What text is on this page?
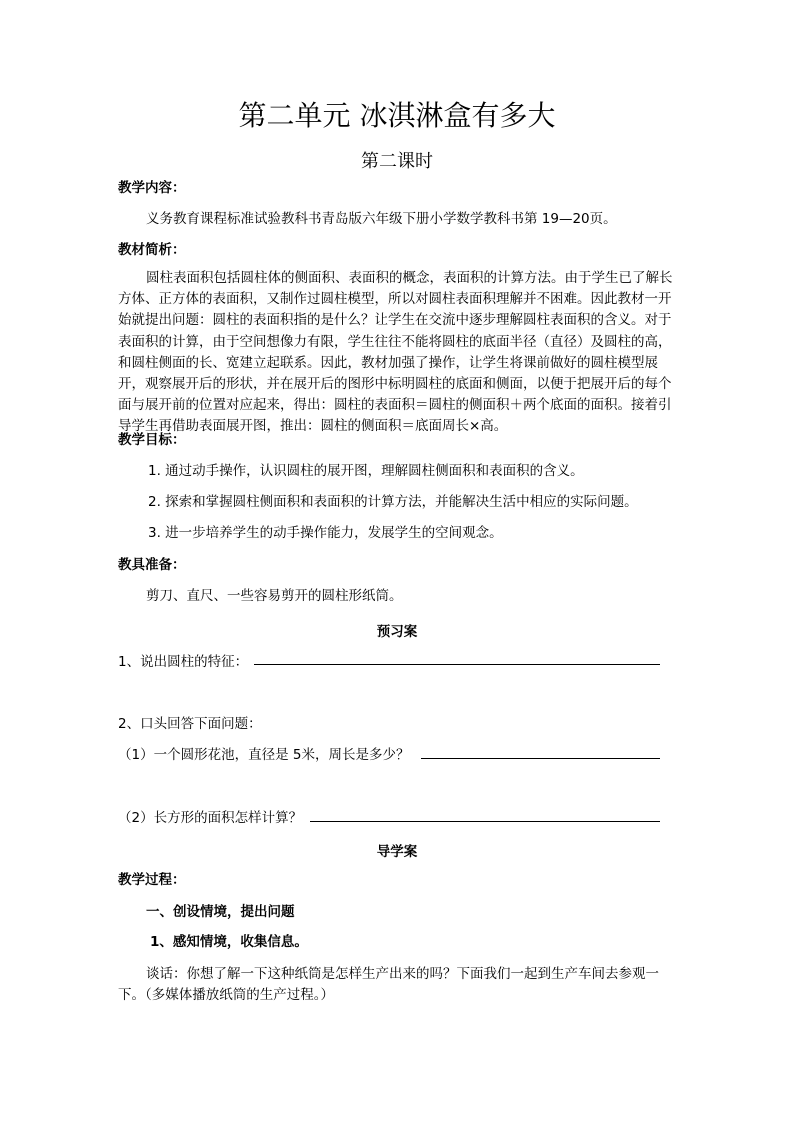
第二单元 冰淇淋盒有多大
第二课时
教学内容：
义务教育课程标准试验教科书青岛版六年级下册小学数学教科书第 19—20页。
教材简析：
圆柱表面积包括圆柱体的侧面积、表面积的概念，表面积的计算方法。由于学生已了解长方体、正方体的表面积，又制作过圆柱模型，所以对圆柱表面积理解并不困难。因此教材一开始就提出问题：圆柱的表面积指的是什么？让学生在交流中逐步理解圆柱表面积的含义。对于表面积的计算，由于空间想像力有限，学生往往不能将圆柱的底面半径（直径）及圆柱的高，和圆柱侧面的长、宽建立起联系。因此，教材加强了操作，让学生将课前做好的圆柱模型展开，观察展开后的形状，并在展开后的图形中标明圆柱的底面和侧面，以便于把展开后的每个面与展开前的位置对应起来，得出：圆柱的表面积＝圆柱的侧面积＋两个底面的面积。接着引导学生再借助表面展开图，推出：圆柱的侧面积＝底面周长×高。
教学目标：
1. 通过动手操作，认识圆柱的展开图，理解圆柱侧面积和表面积的含义。
2. 探索和掌握圆柱侧面积和表面积的计算方法，并能解决生活中相应的实际问题。
3. 进一步培养学生的动手操作能力，发展学生的空间观念。
教具准备：
剪刀、直尺、一些容易剪开的圆柱形纸筒。
预习案
1、说出圆柱的特征：
2、口头回答下面问题：
（1）一个圆形花池，直径是 5米，周长是多少？
（2）长方形的面积怎样计算？
导学案
教学过程：
一、创设情境，提出问题
1、感知情境，收集信息。
谈话：你想了解一下这种纸筒是怎样生产出来的吗？下面我们一起到生产车间去参观一下。（多媒体播放纸筒的生产过程。）
